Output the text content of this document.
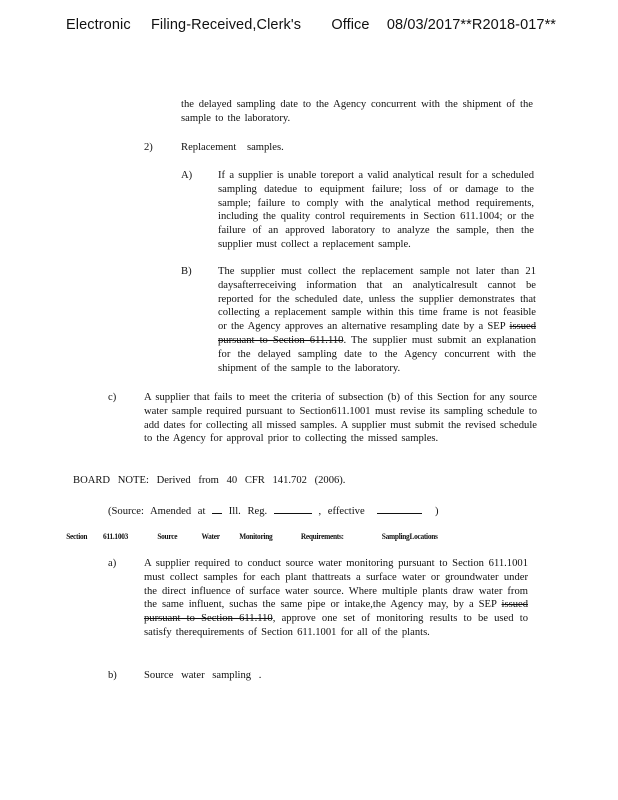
Electronic Filing-Received,Clerk's Office 08/03/2017**R2018-017**
the delayed sampling date to the Agency concurrent with the shipment of the sample to the laboratory.
2)	Replacement samples.
A) If a supplier is unable toreport a valid analytical result for a scheduled sampling datedue to equipment failure; loss of or damage to the sample; failure to comply with the analytical method requirements, including the quality control requirements in Section 611.1004; or the failure of an approved laboratory to analyze the sample, then the supplier must collect a replacement sample.
B) The supplier must collect the replacement sample not later than 21 daysafterreceiving information that an analyticalresult cannot be reported for the scheduled date, unless the supplier demonstrates that collecting a replacement sample within this time frame is not feasible or the Agency approves an alternative resampling date by a SEP issued pursuant to Section 611.110. The supplier must submit an explanation for the delayed sampling date to the Agency concurrent with the shipment of the sample to the laboratory.
c)	A supplier that fails to meet the criteria of subsection (b) of this Section for any source water sample required pursuant to Section611.1001 must revise its sampling schedule to add dates for collecting all missed samples. A supplier must submit the revised schedule to the Agency for approval prior to collecting the missed samples.
BOARD NOTE: Derived from 40 CFR 141.702 (2006).
(Source: Amended at Ill. Reg.	, effective	)
Section 611.1003	Source	Water Monitoring	Requirements:	SamplingLocations
a)	A supplier required to conduct source water monitoring pursuant to Section 611.1001 must collect samples for each plant thattreats a surface water or groundwater under the direct influence of surface water source. Where multiple plants draw water from the same influent, suchas the same pipe or intake,the Agency may, by a SEP issued pursuant to Section 611.110, approve one set of monitoring results to be used to satisfy therequirements of Section 611.1001 for all of the plants.
b)	Source water sampling .
